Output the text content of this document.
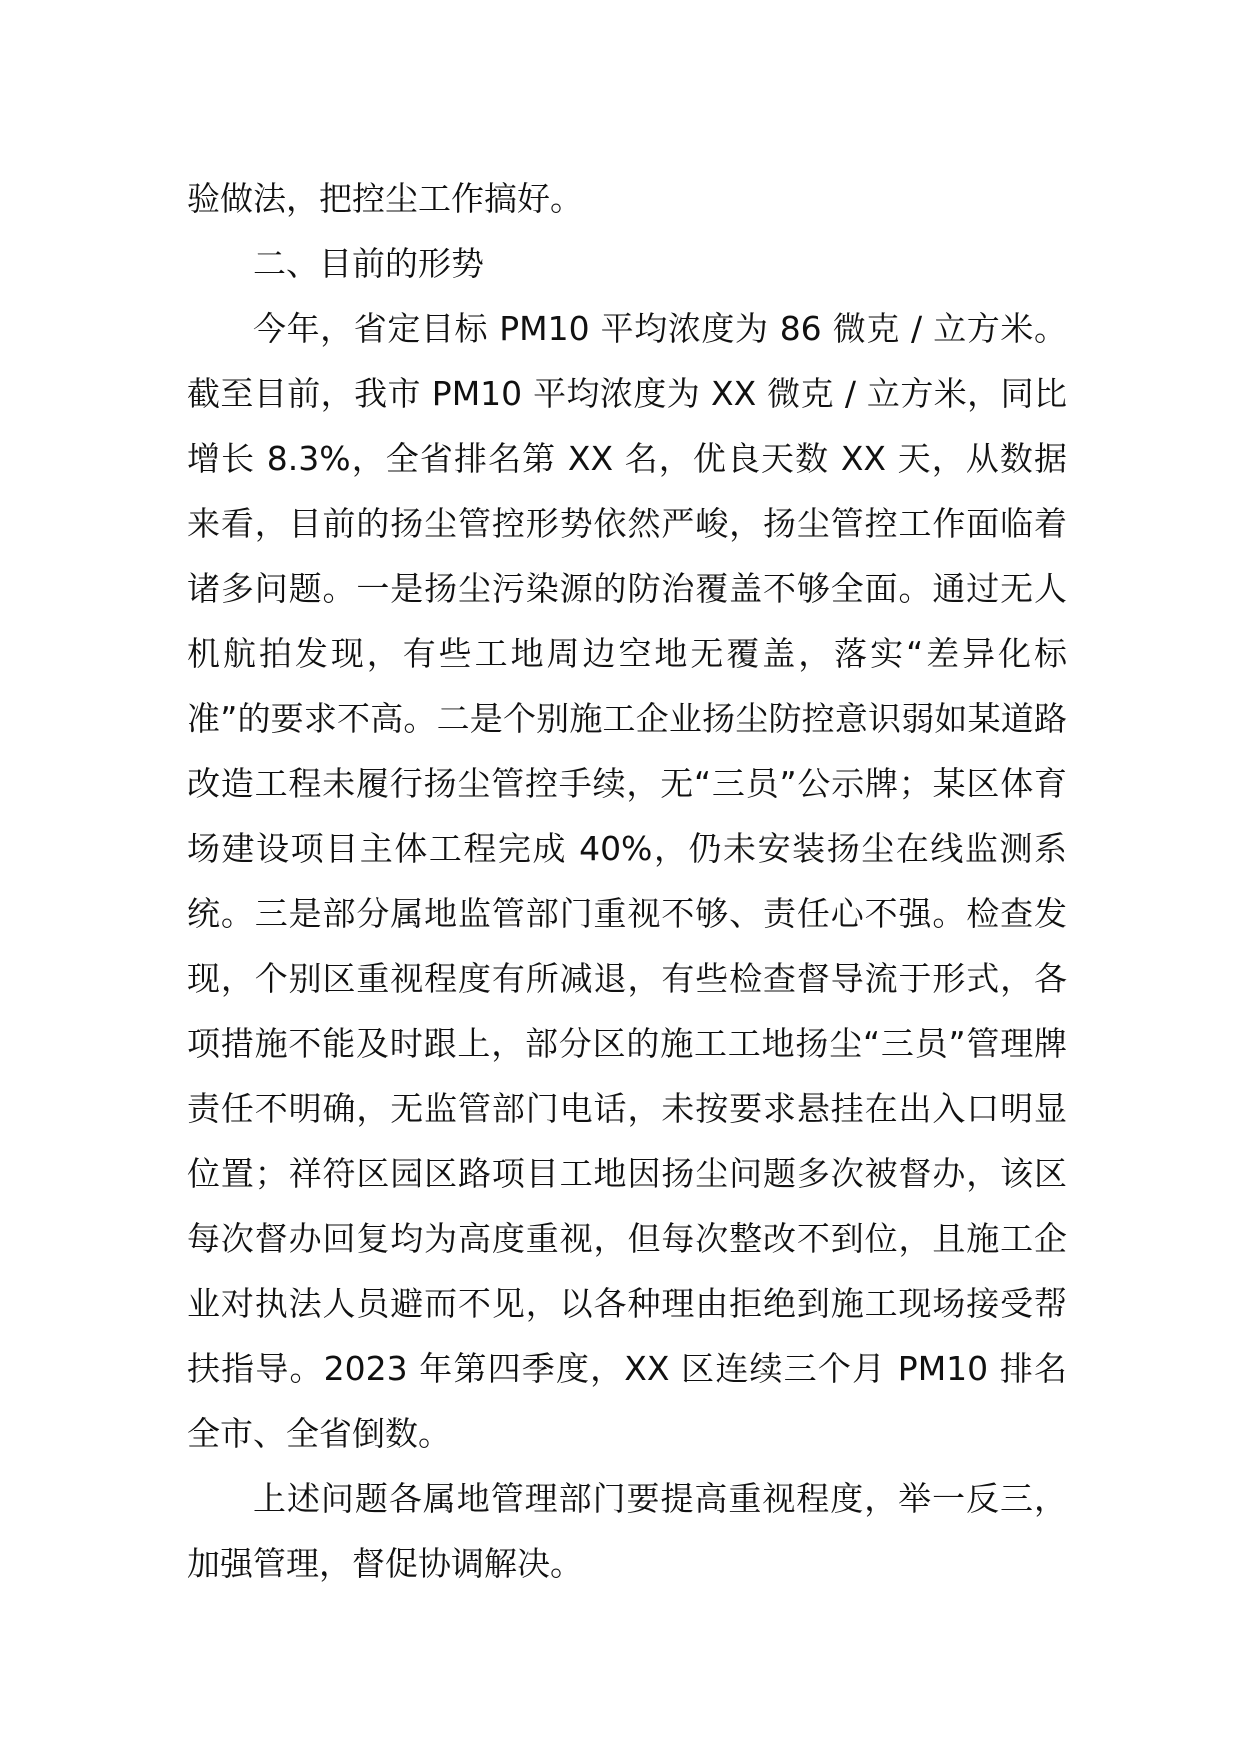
验做法，把控尘工作搞好。

二、目前的形势

今年，省定目标 PM10 平均浓度为 86 微克 / 立方米。截至目前，我市 PM10 平均浓度为 XX 微克 / 立方米，同比增长 8.3%，全省排名第 XX 名，优良天数 XX 天，从数据来看，目前的扬尘管控形势依然严峻，扬尘管控工作面临着诸多问题。一是扬尘污染源的防治覆盖不够全面。通过无人机航拍发现，有些工地周边空地无覆盖，落实“差异化标准”的要求不高。二是个别施工企业扬尘防控意识弱如某道路改造工程未履行扬尘管控手续，无“三员”公示牌；某区体育场建设项目主体工程完成 40%，仍未安装扬尘在线监测系统。三是部分属地监管部门重视不够、责任心不强。检查发现，个别区重视程度有所减退，有些检查督导流于形式，各项措施不能及时跟上，部分区的施工工地扬尘“三员”管理牌责任不明确，无监管部门电话，未按要求悬挂在出入口明显位置；祥符区园区路项目工地因扬尘问题多次被督办，该区每次督办回复均为高度重视，但每次整改不到位，且施工企业对执法人员避而不见，以各种理由拒绝到施工现场接受帮扶指导。2023 年第四季度，XX 区连续三个月 PM10 排名全市、全省倒数。

上述问题各属地管理部门要提高重视程度，举一反三，加强管理，督促协调解决。
